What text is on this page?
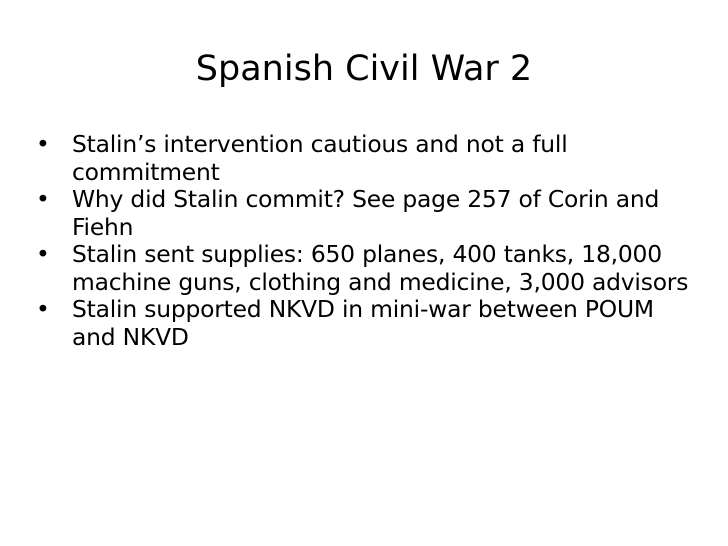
Spanish Civil War 2
• Stalin’s intervention cautious and not a full commitment
• Why did Stalin commit? See page 257 of Corin and Fiehn
• Stalin sent supplies: 650 planes, 400 tanks, 18,000 machine guns, clothing and medicine, 3,000 advisors
• Stalin supported NKVD in mini-war between POUM and NKVD
